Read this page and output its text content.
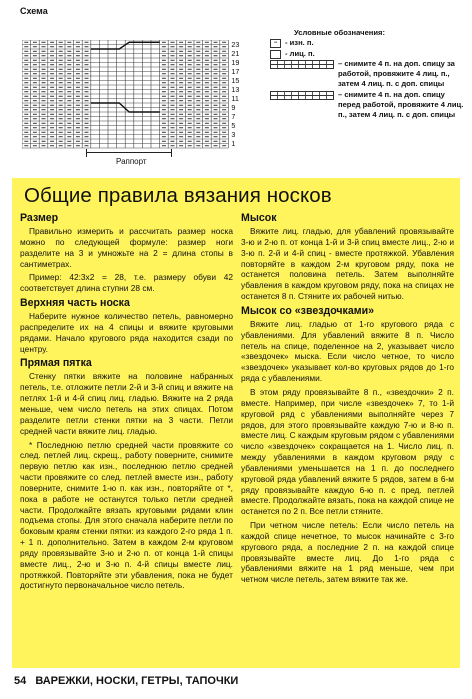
Схема
23
21
19
17
15
13
11
9
7
5
3
1
Раппорт
Условные обозначения:
−	- изн. п.
- лиц. п.
– снимите 4 п. на доп. спицу за работой, провяжите 4 лиц. п., затем 4 лиц. п. с доп. спицы
– снимите 4 п. на доп. спицу перед работой, провяжите 4 лиц. п., затем 4 лиц. п. с доп. спицы
Общие правила вязания носков
Размер

Правильно измерить и рассчитать размер носка можно по следующей формуле: размер ноги разделите на 3 и умножьте на 2 = длина стопы в сантиметрах.

Пример: 42:3x2 = 28, т.е. размеру обуви 42 соответствует длина ступни 28 см.

Верхняя часть носка

Наберите нужное количество петель, равномерно распределите их на 4 спицы и вяжите круговыми рядами. Начало кругового ряда находится сзади по центру.

Прямая пятка

Стенку пятки вяжите на половине набранных петель, т.е. отложите петли 2-й и 3-й спиц и вяжите на петлях 1-й и 4-й спиц лиц. гладью. Вяжите на 2 ряда меньше, чем число петель на этих спицах. Потом разделите петли стенки пятки на 3 части. Петли средней части вяжите лиц. гладью.

* Последнюю петлю средней части провяжите со след. петлей лиц. скрещ., работу поверните, снимите первую петлю как изн., последнюю петлю средней части провяжите со след. петлей вместе изн., работу поверните, снимите 1-ю п. как изн., повторяйте от *, пока в работе не останутся только петли средней части. Продолжайте вязать круговыми рядами клин подъема стопы. Для этого сначала наберите петли по боковым краям стенки пятки: из каждого 2-го ряда 1 п. + 1 п. дополнительно. Затем в каждом 2-м круговом ряду провязывайте 3-ю и 2-ю п. от конца 1-й спицы вместе лиц., 2-ю и 3-ю п. 4-й спицы вместе лиц. протяжкой. Повторяйте эти убавления, пока не будет достигнуто первоначальное число петель.

Мысок

Вяжите лиц. гладью, для убавлений провязывайте 3-ю и 2-ю п. от конца 1-й и 3-й спиц вместе лиц., 2-ю и 3-ю п. 2-й и 4-й спиц - вместе протяжкой. Убавления повторяйте в каждом 2-м круговом ряду, пока не останется половина петель. Затем выполняйте убавления в каждом круговом ряду, пока на спицах не останется 8 п. Стяните их рабочей нитью.

Мысок со «звездочками»

Вяжите лиц. гладью от 1-го кругового ряда с убавлениями. Для убавлений вяжите 8 п. Число петель на спице, поделенное на 2, указывает число «звездочек» мыска. Если число четное, то число «звездочек» указывает кол-во круговых рядов до 1-го ряда с убавлениями.

В этом ряду провязывайте 8 п., «звездочки» 2 п. вместе. Например, при числе «звездочек» 7, то 1-й круговой ряд с убавлениями выполняйте через 7 рядов, для этого провязывайте каждую 7-ю и 8-ю п. вместе лиц. С каждым круговым рядом с убавлениями число «звездочек» сокращается на 1. Число лиц. п. между убавлениями в каждом круговом ряду с убавлениями уменьшается на 1 п. до последнего круговой ряда убавлений вяжите 5 рядов, затем в 6-м ряду провязывайте каждую 6-ю п. с пред. петлей вместе. Продолжайте вязать, пока на каждой спице не останется по 2 п. Все петли стяните.

При четном числе петель: Если число петель на каждой спице нечетное, то мысок начинайте с 3-го кругового ряда, а последние 2 п. на каждой спице провязывайте вместе лиц. До 1-го ряда с убавлениями вяжите на 1 ряд меньше, чем при четном числе петель, затем вяжите так же.

54 ВАРЕЖКИ, НОСКИ, ГЕТРЫ, ТАПОЧКИ
